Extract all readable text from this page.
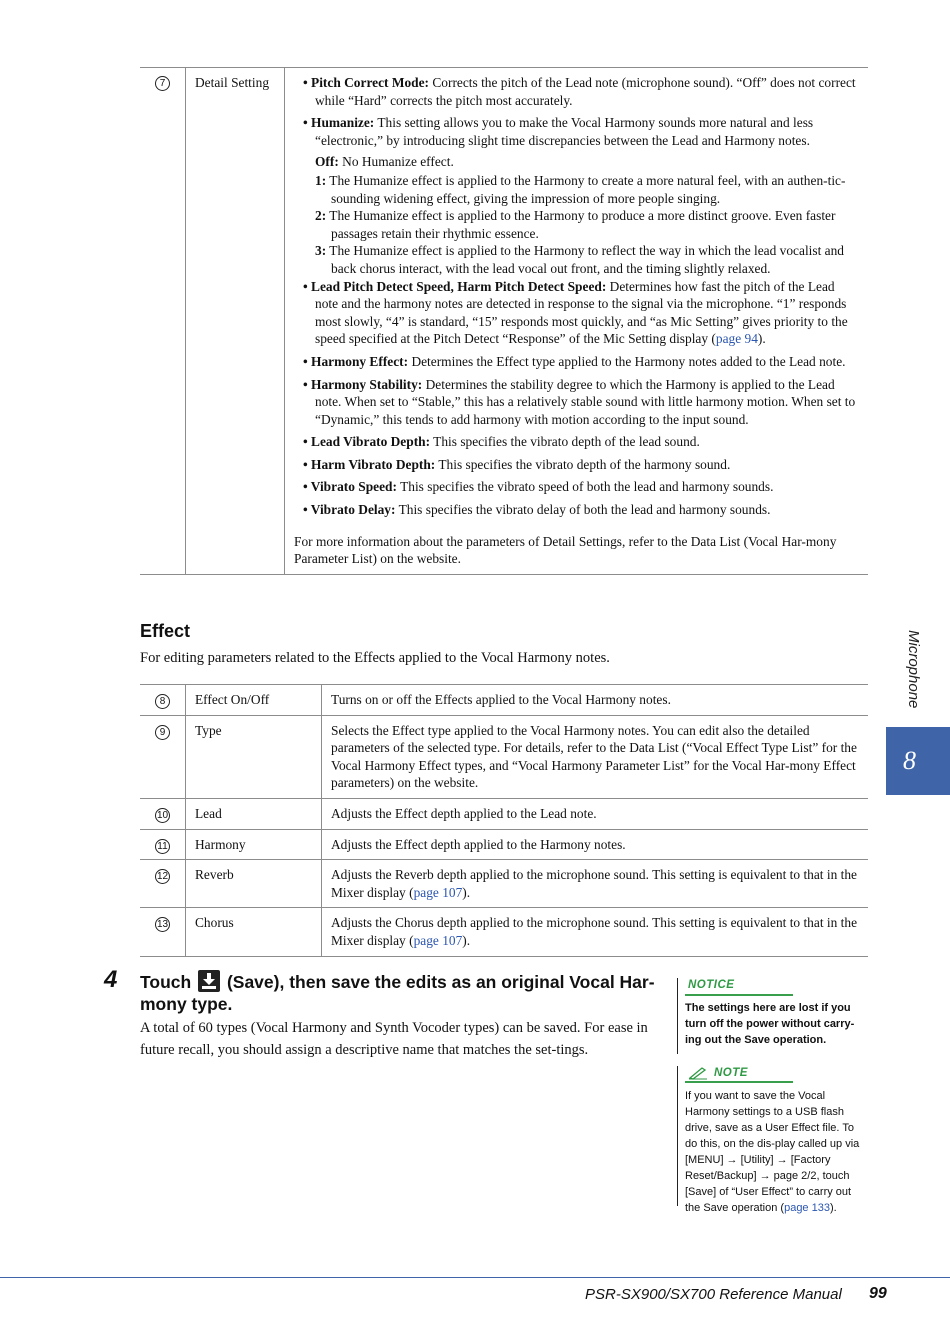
7	Detail Setting	• Pitch Correct Mode: Corrects the pitch of the Lead note (microphone sound). “Off” does not correct while “Hard” corrects the pitch most accurately.

• Humanize: This setting allows you to make the Vocal Harmony sounds more natural and less “electronic,” by introducing slight time discrepancies between the Lead and Harmony notes.

Off: No Humanize effect.

1: The Humanize effect is applied to the Harmony to create a more natural feel, with an authen-tic-sounding widening effect, giving the impression of more people singing.

2: The Humanize effect is applied to the Harmony to produce a more distinct groove. Even faster passages retain their rhythmic essence.

3: The Humanize effect is applied to the Harmony to reflect the way in which the lead vocalist and back chorus interact, with the lead vocal out front, and the timing slightly relaxed.

• Lead Pitch Detect Speed, Harm Pitch Detect Speed: Determines how fast the pitch of the Lead note and the harmony notes are detected in response to the signal via the microphone. “1” responds most slowly, “4” is standard, “15” responds most quickly, and “as Mic Setting” gives priority to the speed specified at the Pitch Detect “Response” of the Mic Setting display (page 94).

• Harmony Effect: Determines the Effect type applied to the Harmony notes added to the Lead note.

• Harmony Stability: Determines the stability degree to which the Harmony is applied to the Lead note. When set to “Stable,” this has a relatively stable sound with little harmony motion. When set to “Dynamic,” this tends to add harmony with motion according to the input sound.

• Lead Vibrato Depth: This specifies the vibrato depth of the lead sound.

• Harm Vibrato Depth: This specifies the vibrato depth of the harmony sound.

• Vibrato Speed: This specifies the vibrato speed of both the lead and harmony sounds.

• Vibrato Delay: This specifies the vibrato delay of both the lead and harmony sounds.

For more information about the parameters of Detail Settings, refer to the Data List (Vocal Har-mony Parameter List) on the website.

Effect

For editing parameters related to the Effects applied to the Vocal Harmony notes.

8	Effect On/Off	Turns on or off the Effects applied to the Vocal Harmony notes.
9	Type	Selects the Effect type applied to the Vocal Harmony notes. You can edit also the detailed parameters of the selected type. For details, refer to the Data List (“Vocal Effect Type List” for the Vocal Harmony Effect types, and “Vocal Harmony Parameter List” for the Vocal Har-mony Effect parameters) on the website.
10	Lead	Adjusts the Effect depth applied to the Lead note.
11	Harmony	Adjusts the Effect depth applied to the Harmony notes.
12	Reverb	Adjusts the Reverb depth applied to the microphone sound. This setting is equivalent to that in the Mixer display (page 107).
13	Chorus	Adjusts the Chorus depth applied to the microphone sound. This setting is equivalent to that in the Mixer display (page 107).
4 Touch (Save), then save the edits as an original Vocal Har-mony type.

A total of 60 types (Vocal Harmony and Synth Vocoder types) can be saved. For ease in future recall, you should assign a descriptive name that matches the set-tings.

NOTICE

The settings here are lost if you turn off the power without carry-ing out the Save operation.

NOTE

If you want to save the Vocal Harmony settings to a USB flash drive, save as a User Effect file. To do this, on the dis-play called up via [MENU] → [Utility] → [Factory Reset/Backup] → page 2/2, touch [Save] of “User Effect” to carry out the Save operation (page 133).

Microphone
8
PSR-SX900/SX700 Reference Manual 99
